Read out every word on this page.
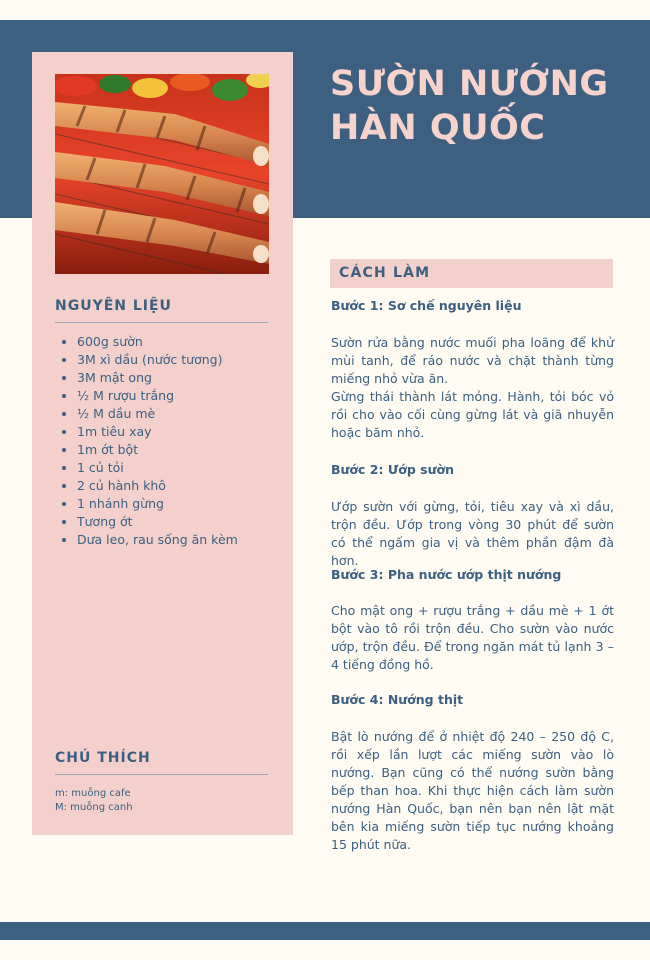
SƯỜN NƯỚNG
HÀN QUỐC
NGUYÊN LIỆU
• 600g sườn
• 3M xì dầu (nước tương)
• 3M mật ong
• ½ M rượu trắng
• ½ M dầu mè
• 1m tiêu xay
• 1m ớt bột
• 1 củ tỏi
• 2 củ hành khô
• 1 nhánh gừng
• Tương ớt
• Dưa leo, rau sống ăn kèm
CHÚ THÍCH
m: muỗng cafe
M: muỗng canh
CÁCH LÀM
Bước 1: Sơ chế nguyên liệu

Sườn rửa bằng nước muối pha loãng để khử mùi tanh, để ráo nước và chặt thành từng miếng nhỏ vừa ăn.

Gừng thái thành lát mỏng. Hành, tỏi bóc vỏ rồi cho vào cối cùng gừng lát và giã nhuyễn hoặc băm nhỏ.

Bước 2: Ướp sườn

Ướp sườn với gừng, tỏi, tiêu xay và xì dầu, trộn đều. Ướp trong vòng 30 phút để sườn có thể ngấm gia vị và thêm phần đậm đà hơn.

Bước 3: Pha nước ướp thịt nướng

Cho mật ong + rượu trắng + dầu mè + 1 ớt bột vào tô rồi trộn đều. Cho sườn vào nước ướp, trộn đều. Để trong ngăn mát tủ lạnh 3 – 4 tiếng đồng hồ.

Bước 4: Nướng thịt

Bật lò nướng để ở nhiệt độ 240 – 250 độ C, rồi xếp lần lượt các miếng sườn vào lò nướng. Bạn cũng có thể nướng sườn bằng bếp than hoa. Khi thực hiện cách làm sườn nướng Hàn Quốc, bạn nên bạn nên lật mặt bên kia miếng sườn tiếp tục nướng khoảng 15 phút nữa.
